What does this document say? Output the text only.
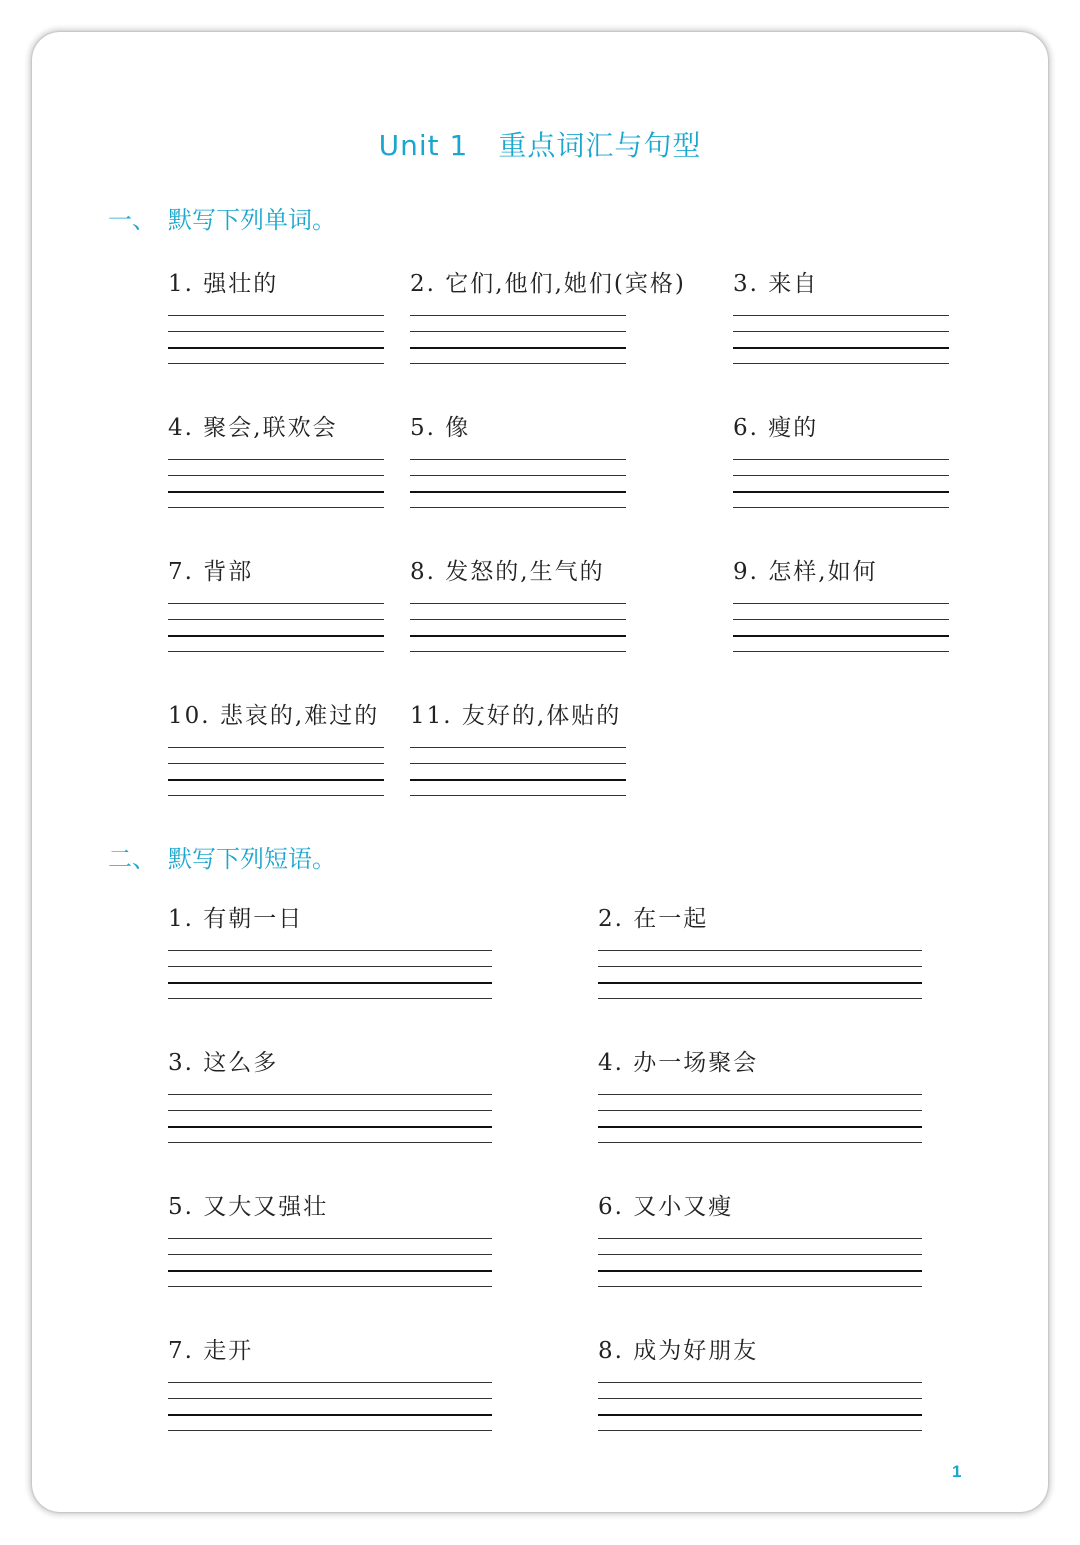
Unit 1 重点词汇与句型
一、 默写下列单词。
1. 强壮的	2. 它们,他们,她们(宾格) 3. 来自
4. 聚会,联欢会	5. 像	6. 瘦的
7. 背部	8. 发怒的,生气的	9. 怎样,如何
10. 悲哀的,难过的 11. 友好的,体贴的
二、 默写下列短语。
1. 有朝一日	2. 在一起
3. 这么多	4. 办一场聚会
5. 又大又强壮	6. 又小又瘦
7. 走开	8. 成为好朋友
1
